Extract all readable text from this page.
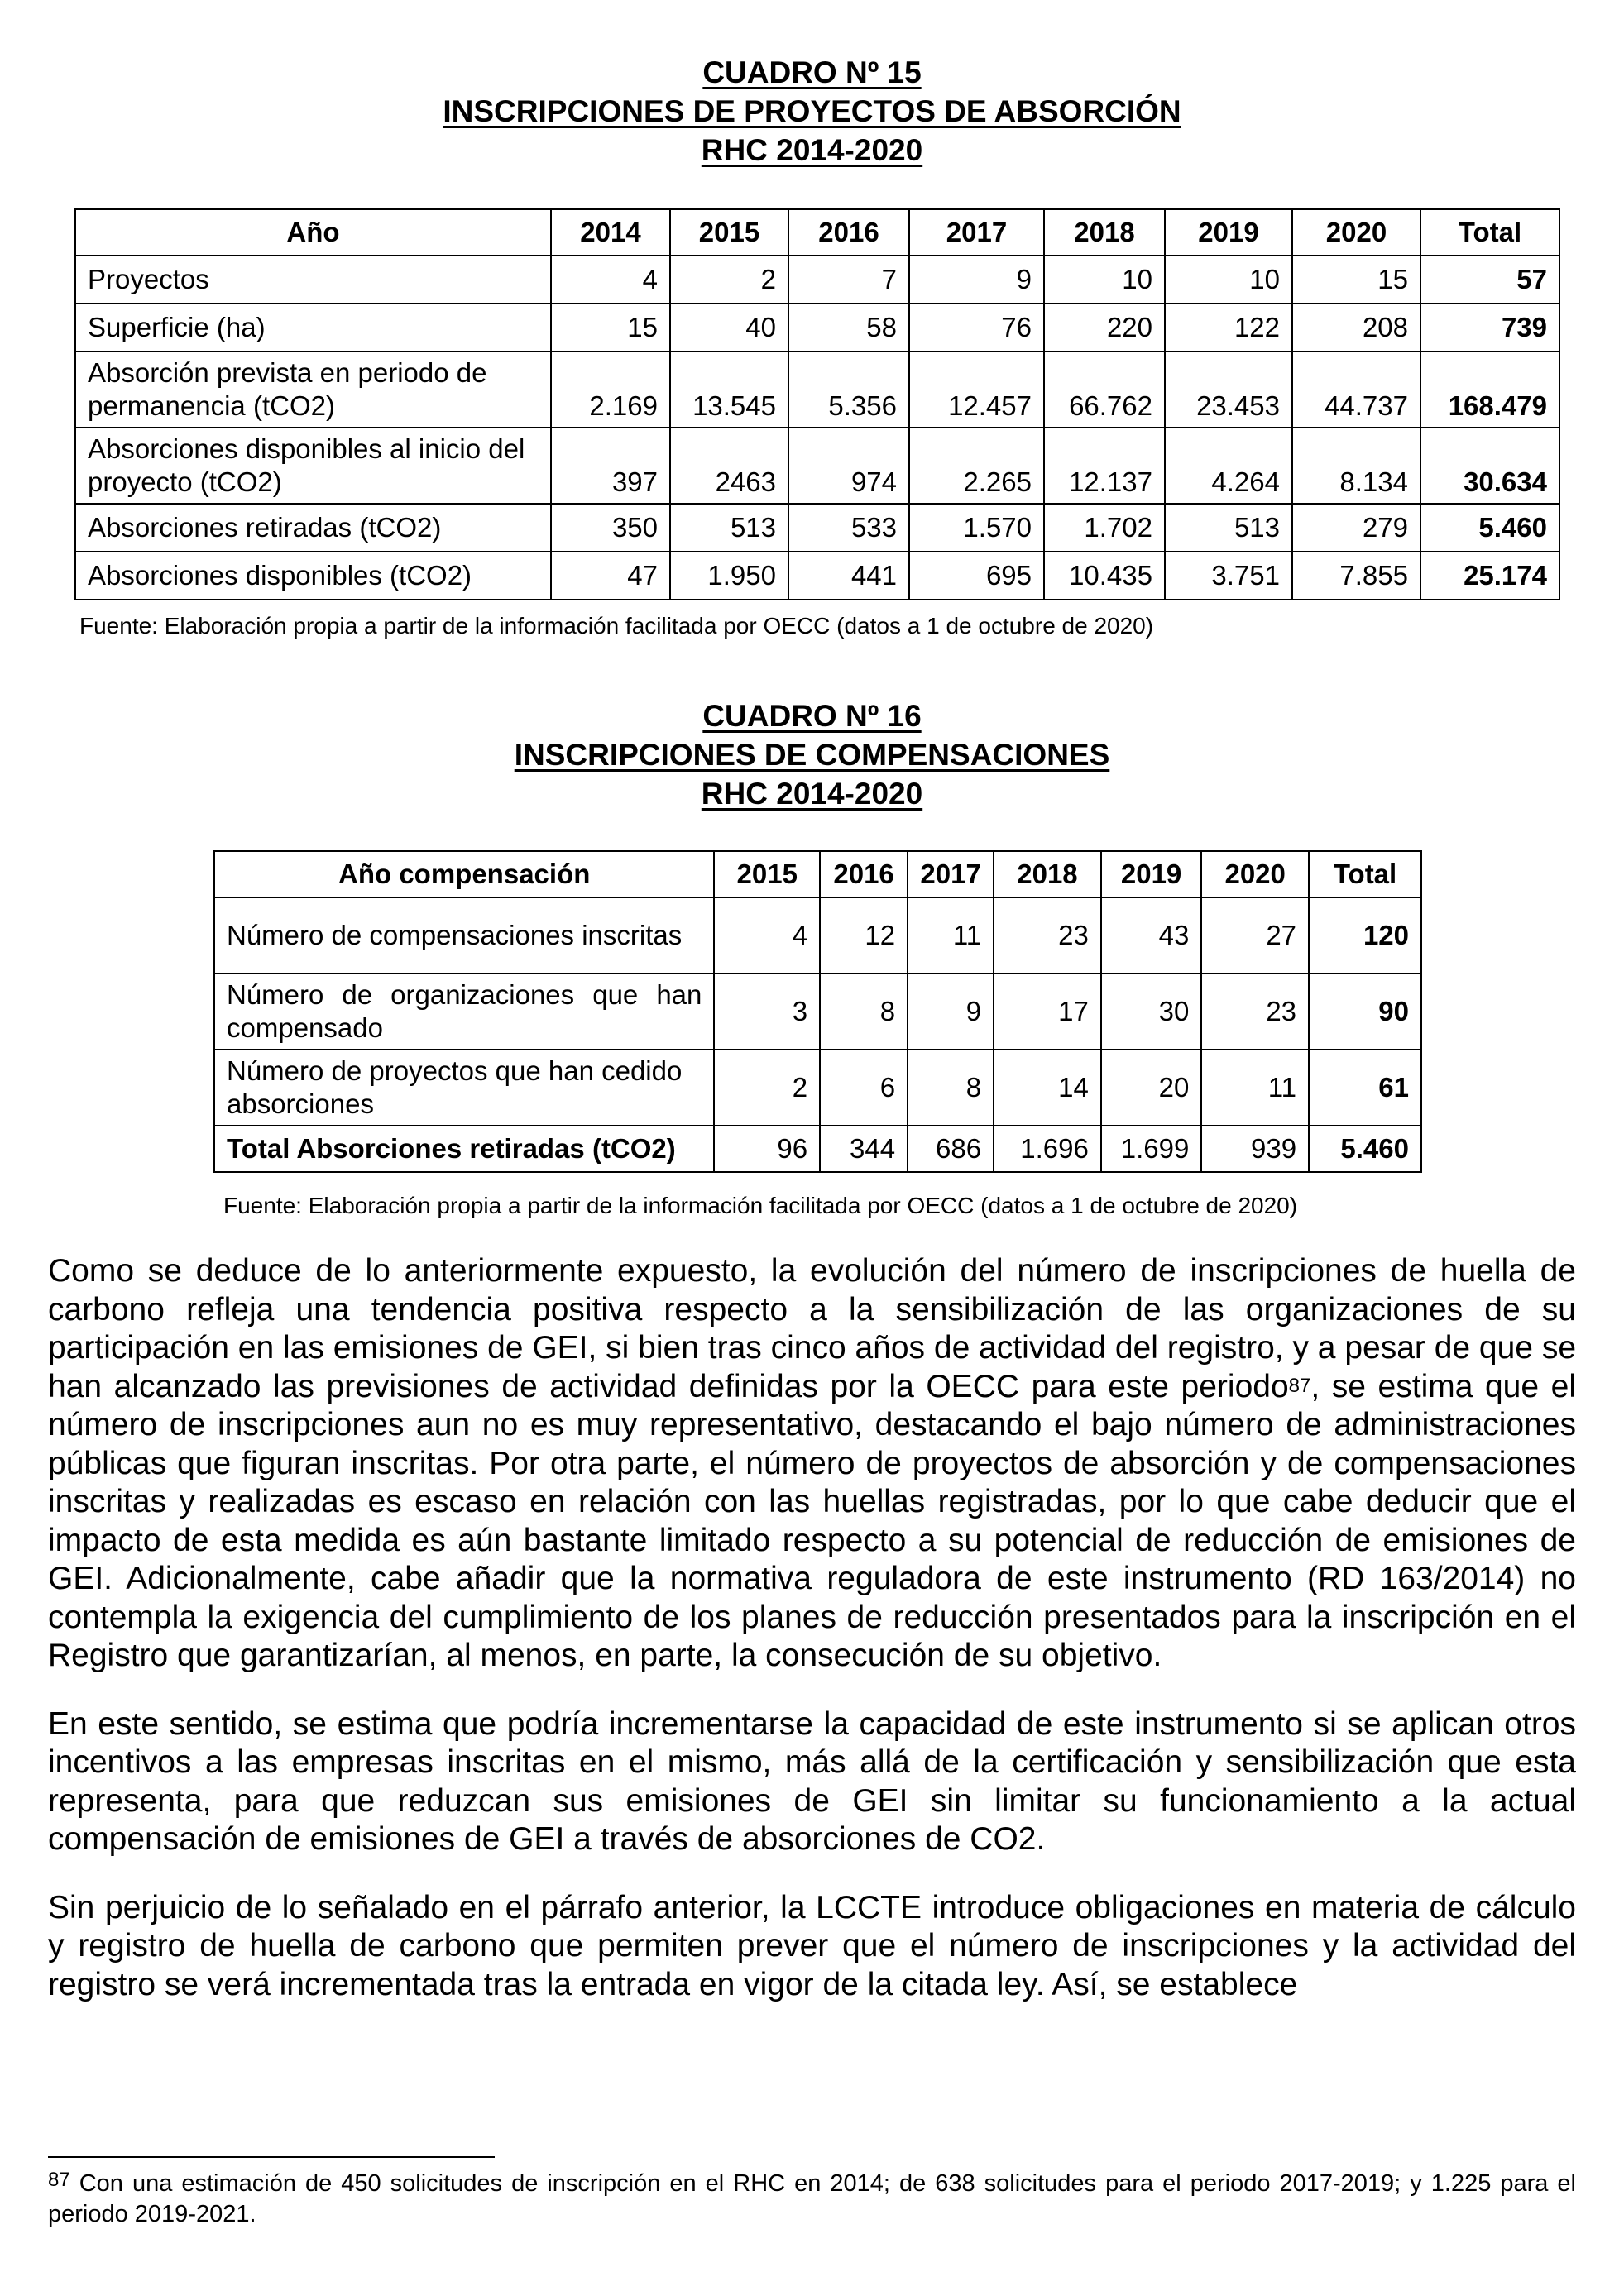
CUADRO Nº 15
INSCRIPCIONES DE PROYECTOS DE ABSORCIÓN
RHC 2014-2020
Año	2014	2015	2016	2017	2018	2019	2020	Total
Proyectos	4	2	7	9	10	10	15	57
Superficie (ha)	15	40	58	76	220	122	208	739
Absorción prevista en periodo de permanencia (tCO2)	2.169	13.545	5.356	12.457	66.762	23.453	44.737	168.479
Absorciones disponibles al inicio del proyecto (tCO2)	397	2463	974	2.265	12.137	4.264	8.134	30.634
Absorciones retiradas (tCO2)	350	513	533	1.570	1.702	513	279	5.460
Absorciones disponibles (tCO2)	47	1.950	441	695	10.435	3.751	7.855	25.174
Fuente: Elaboración propia a partir de la información facilitada por OECC (datos a 1 de octubre de 2020)
CUADRO Nº 16
INSCRIPCIONES DE COMPENSACIONES
RHC 2014-2020
Año compensación	2015	2016	2017	2018	2019	2020	Total
Número de compensaciones inscritas	4	12	11	23	43	27	120
Número de organizaciones que han compensado	3	8	9	17	30	23	90
Número de proyectos que han cedido absorciones	2	6	8	14	20	11	61
Total Absorciones retiradas (tCO2)	96	344	686	1.696	1.699	939	5.460
Fuente: Elaboración propia a partir de la información facilitada por OECC (datos a 1 de octubre de 2020)

Como se deduce de lo anteriormente expuesto, la evolución del número de inscripciones de huella de carbono refleja una tendencia positiva respecto a la sensibilización de las organizaciones de su participación en las emisiones de GEI, si bien tras cinco años de actividad del registro, y a pesar de que se han alcanzado las previsiones de actividad definidas por la OECC para este periodo$^{87}$, se estima que el número de inscripciones aun no es muy representativo, destacando el bajo número de administraciones públicas que figuran inscritas. Por otra parte, el número de proyectos de absorción y de compensaciones inscritas y realizadas es escaso en relación con las huellas registradas, por lo que cabe deducir que el impacto de esta medida es aún bastante limitado respecto a su potencial de reducción de emisiones de GEI. Adicionalmente, cabe añadir que la normativa reguladora de este instrumento (RD 163/2014) no contempla la exigencia del cumplimiento de los planes de reducción presentados para la inscripción en el Registro que garantizarían, al menos, en parte, la consecución de su objetivo.

En este sentido, se estima que podría incrementarse la capacidad de este instrumento si se aplican otros incentivos a las empresas inscritas en el mismo, más allá de la certificación y sensibilización que esta representa, para que reduzcan sus emisiones de GEI sin limitar su funcionamiento a la actual compensación de emisiones de GEI a través de absorciones de CO2.

Sin perjuicio de lo señalado en el párrafo anterior, la LCCTE introduce obligaciones en materia de cálculo y registro de huella de carbono que permiten prever que el número de inscripciones y la actividad del registro se verá incrementada tras la entrada en vigor de la citada ley. Así, se establece

$^{87}$ Con una estimación de 450 solicitudes de inscripción en el RHC en 2014; de 638 solicitudes para el periodo 2017-2019; y 1.225 para el periodo 2019-2021.
